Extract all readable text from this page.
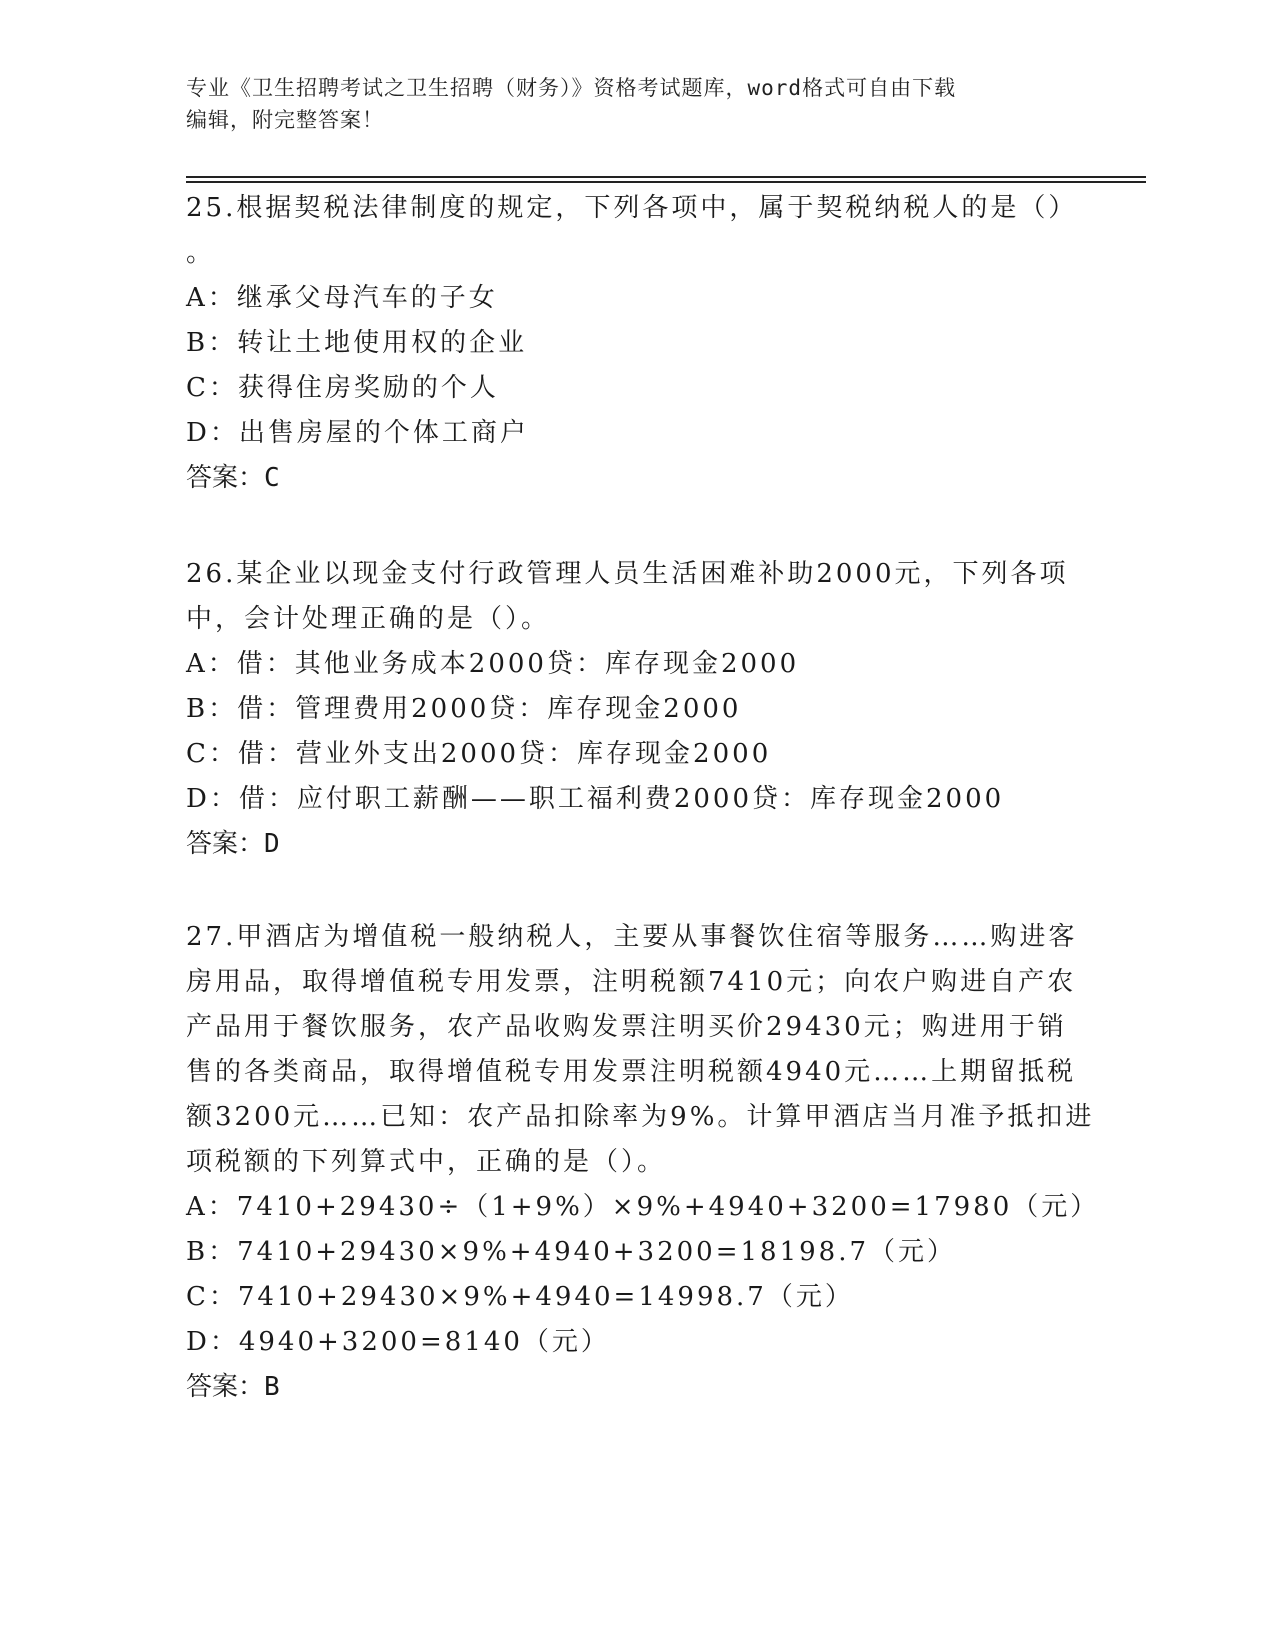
专业《卫生招聘考试之卫生招聘（财务）》资格考试题库，word格式可自由下载
编辑，附完整答案！
25.根据契税法律制度的规定，下列各项中，属于契税纳税人的是（）
。
A：继承父母汽车的子女
B：转让土地使用权的企业
C：获得住房奖励的个人
D：出售房屋的个体工商户
答案：C
26.某企业以现金支付行政管理人员生活困难补助2000元，下列各项
中，会计处理正确的是（）。
A：借：其他业务成本2000贷：库存现金2000
B：借：管理费用2000贷：库存现金2000
C：借：营业外支出2000贷：库存现金2000
D：借：应付职工薪酬——职工福利费2000贷：库存现金2000
答案：D
27.甲酒店为增值税一般纳税人，主要从事餐饮住宿等服务……购进客
房用品，取得增值税专用发票，注明税额7410元；向农户购进自产农
产品用于餐饮服务，农产品收购发票注明买价29430元；购进用于销
售的各类商品，取得增值税专用发票注明税额4940元……上期留抵税
额3200元……已知：农产品扣除率为9%。计算甲酒店当月准予抵扣进
项税额的下列算式中，正确的是（）。
A：7410+29430÷（1+9%）×9%+4940+3200=17980（元）
B：7410+29430×9%+4940+3200=18198.7（元）
C：7410+29430×9%+4940=14998.7（元）
D：4940+3200=8140（元）
答案：B
